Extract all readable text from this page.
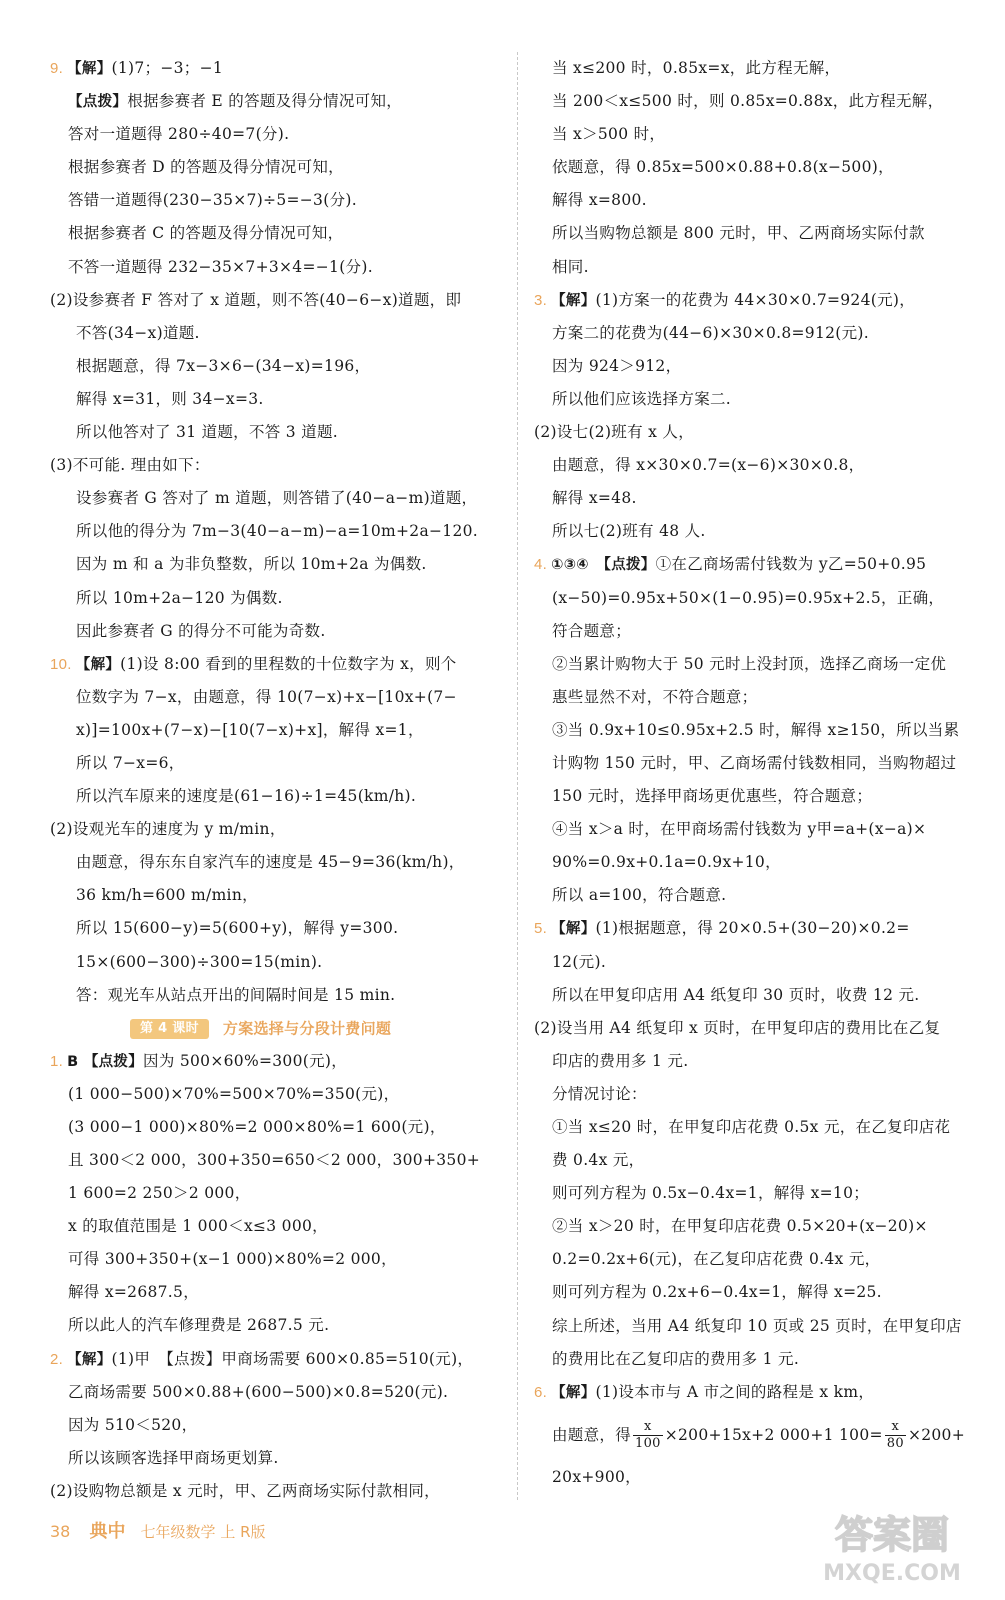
9. 【解】(1)7；−3；−1
【点拨】根据参赛者 E 的答题及得分情况可知，
答对一道题得 280÷40=7(分).
根据参赛者 D 的答题及得分情况可知，
答错一道题得(230−35×7)÷5=−3(分).
根据参赛者 C 的答题及得分情况可知，
不答一道题得 232−35×7+3×4=−1(分).
(2)设参赛者 F 答对了 x 道题，则不答(40−6−x)道题，即
不答(34−x)道题.
根据题意，得 7x−3×6−(34−x)=196，
解得 x=31，则 34−x=3.
所以他答对了 31 道题，不答 3 道题.
(3)不可能. 理由如下：
设参赛者 G 答对了 m 道题，则答错了(40−a−m)道题，
所以他的得分为 7m−3(40−a−m)−a=10m+2a−120.
因为 m 和 a 为非负整数，所以 10m+2a 为偶数.
所以 10m+2a−120 为偶数.
因此参赛者 G 的得分不可能为奇数.
10. 【解】(1)设 8:00 看到的里程数的十位数字为 x，则个
位数字为 7−x，由题意，得 10(7−x)+x−[10x+(7−
x)]=100x+(7−x)−[10(7−x)+x]，解得 x=1，
所以 7−x=6，
所以汽车原来的速度是(61−16)÷1=45(km/h).
(2)设观光车的速度为 y m/min，
由题意，得东东自家汽车的速度是 45−9=36(km/h)，
36 km/h=600 m/min，
所以 15(600−y)=5(600+y)，解得 y=300.
15×(600−300)÷300=15(min).
答：观光车从站点开出的间隔时间是 15 min.
第 4 课时 方案选择与分段计费问题
1. B 【点拨】因为 500×60%=300(元)，
(1 000−500)×70%=500×70%=350(元)，
(3 000−1 000)×80%=2 000×80%=1 600(元)，
且 300＜2 000，300+350=650＜2 000，300+350+
1 600=2 250＞2 000，
x 的取值范围是 1 000＜x≤3 000，
可得 300+350+(x−1 000)×80%=2 000，
解得 x=2687.5，
所以此人的汽车修理费是 2687.5 元.
2. 【解】(1)甲　【点拨】甲商场需要 600×0.85=510(元)，
乙商场需要 500×0.88+(600−500)×0.8=520(元).
因为 510＜520，
所以该顾客选择甲商场更划算.
(2)设购物总额是 x 元时，甲、乙两商场实际付款相同，
当 x≤200 时，0.85x=x，此方程无解，
当 200＜x≤500 时，则 0.85x=0.88x，此方程无解，
当 x＞500 时，
依题意，得 0.85x=500×0.88+0.8(x−500)，
解得 x=800.
所以当购物总额是 800 元时，甲、乙两商场实际付款
相同.
3. 【解】(1)方案一的花费为 44×30×0.7=924(元)，
方案二的花费为(44−6)×30×0.8=912(元).
因为 924＞912，
所以他们应该选择方案二.
(2)设七(2)班有 x 人，
由题意，得 x×30×0.7=(x−6)×30×0.8，
解得 x=48.
所以七(2)班有 48 人.
4. ①③④　【点拨】①在乙商场需付钱数为 y乙=50+0.95
(x−50)=0.95x+50×(1−0.95)=0.95x+2.5，正确，
符合题意；
②当累计购物大于 50 元时上没封顶，选择乙商场一定优
惠些显然不对，不符合题意；
③当 0.9x+10≤0.95x+2.5 时，解得 x≥150，所以当累
计购物 150 元时，甲、乙商场需付钱数相同，当购物超过
150 元时，选择甲商场更优惠些，符合题意；
④当 x＞a 时，在甲商场需付钱数为 y甲=a+(x−a)×
90%=0.9x+0.1a=0.9x+10，
所以 a=100，符合题意.
5. 【解】(1)根据题意，得 20×0.5+(30−20)×0.2=
12(元).
所以在甲复印店用 A4 纸复印 30 页时，收费 12 元.
(2)设当用 A4 纸复印 x 页时，在甲复印店的费用比在乙复
印店的费用多 1 元.
分情况讨论：
①当 x≤20 时，在甲复印店花费 0.5x 元，在乙复印店花
费 0.4x 元，
则可列方程为 0.5x−0.4x=1，解得 x=10；
②当 x＞20 时，在甲复印店花费 0.5×20+(x−20)×
0.2=0.2x+6(元)，在乙复印店花费 0.4x 元，
则可列方程为 0.2x+6−0.4x=1，解得 x=25.
综上所述，当用 A4 纸复印 10 页或 25 页时，在甲复印店
的费用比在乙复印店的费用多 1 元.
6. 【解】(1)设本市与 A 市之间的路程是 x km，
由题意，得 $\frac{x}{100} \times 200+15x+2$ 000+1 $100= \frac{x}{80} \times 200+$
20x+900，
38 典中 七年级数学 上 R版	答案圈
MXQE.COM
